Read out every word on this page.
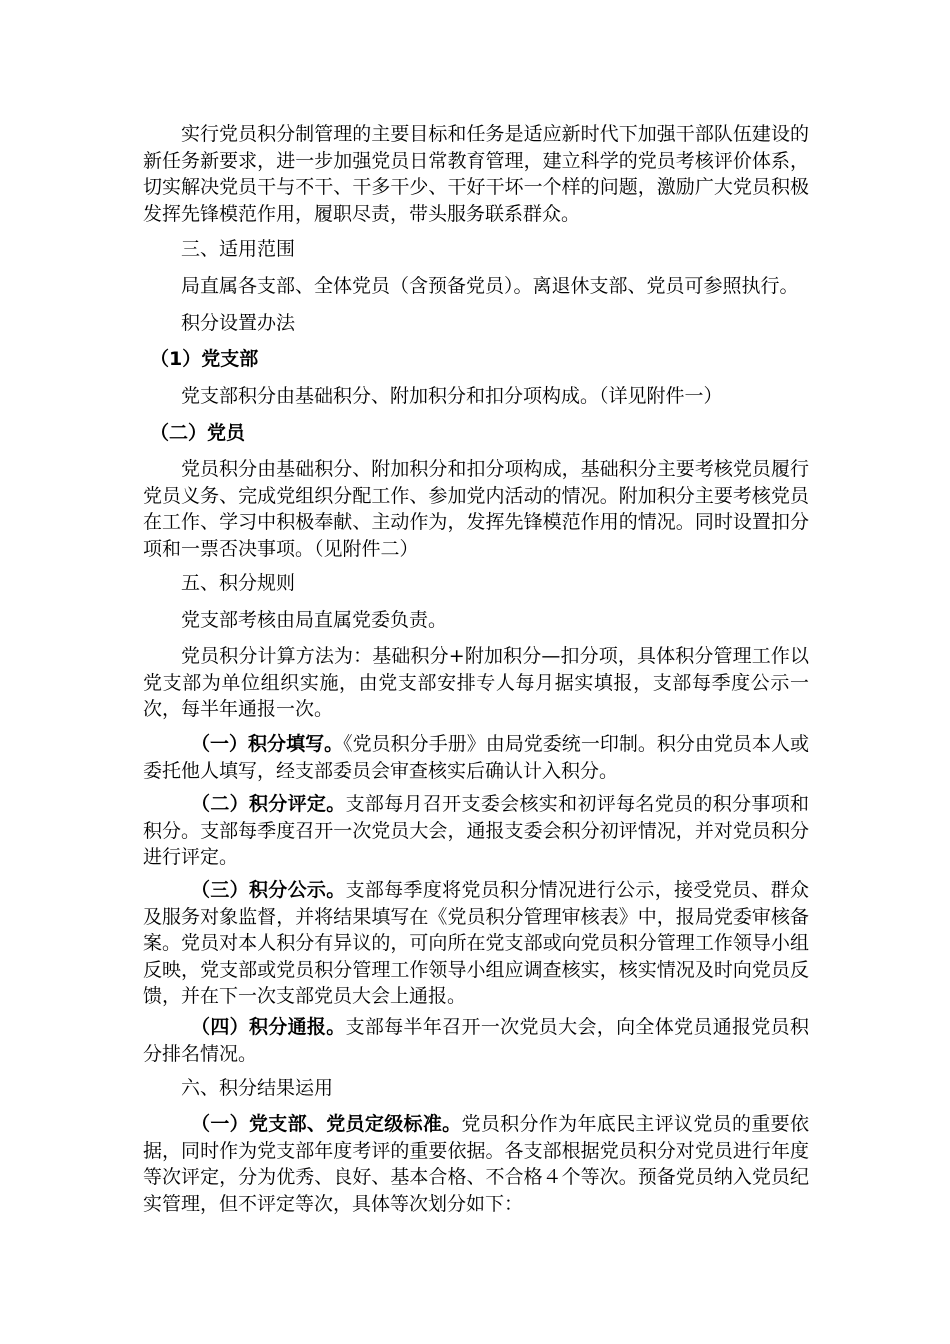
实行党员积分制管理的主要目标和任务是适应新时代下加强干部队伍建设的新任务新要求，进一步加强党员日常教育管理，建立科学的党员考核评价体系，切实解决党员干与不干、干多干少、干好干坏一个样的问题，激励广大党员积极发挥先锋模范作用，履职尽责，带头服务联系群众。

三、适用范围

局直属各支部、全体党员（含预备党员）。离退休支部、党员可参照执行。

积分设置办法

（1）党支部

党支部积分由基础积分、附加积分和扣分项构成。（详见附件一）

（二）党员

党员积分由基础积分、附加积分和扣分项构成，基础积分主要考核党员履行党员义务、完成党组织分配工作、参加党内活动的情况。附加积分主要考核党员在工作、学习中积极奉献、主动作为，发挥先锋模范作用的情况。同时设置扣分项和一票否决事项。（见附件二）

五、积分规则

党支部考核由局直属党委负责。

党员积分计算方法为：基础积分+附加积分—扣分项，具体积分管理工作以党支部为单位组织实施，由党支部安排专人每月据实填报，支部每季度公示一次，每半年通报一次。

（一）积分填写。《党员积分手册》由局党委统一印制。积分由党员本人或委托他人填写，经支部委员会审查核实后确认计入积分。

（二）积分评定。支部每月召开支委会核实和初评每名党员的积分事项和积分。支部每季度召开一次党员大会，通报支委会积分初评情况，并对党员积分进行评定。

（三）积分公示。支部每季度将党员积分情况进行公示，接受党员、群众及服务对象监督，并将结果填写在《党员积分管理审核表》中，报局党委审核备案。党员对本人积分有异议的，可向所在党支部或向党员积分管理工作领导小组反映，党支部或党员积分管理工作领导小组应调查核实，核实情况及时向党员反馈，并在下一次支部党员大会上通报。

（四）积分通报。支部每半年召开一次党员大会，向全体党员通报党员积分排名情况。

六、积分结果运用

（一）党支部、党员定级标准。党员积分作为年底民主评议党员的重要依据，同时作为党支部年度考评的重要依据。各支部根据党员积分对党员进行年度等次评定，分为优秀、良好、基本合格、不合格４个等次。预备党员纳入党员纪实管理，但不评定等次，具体等次划分如下：
